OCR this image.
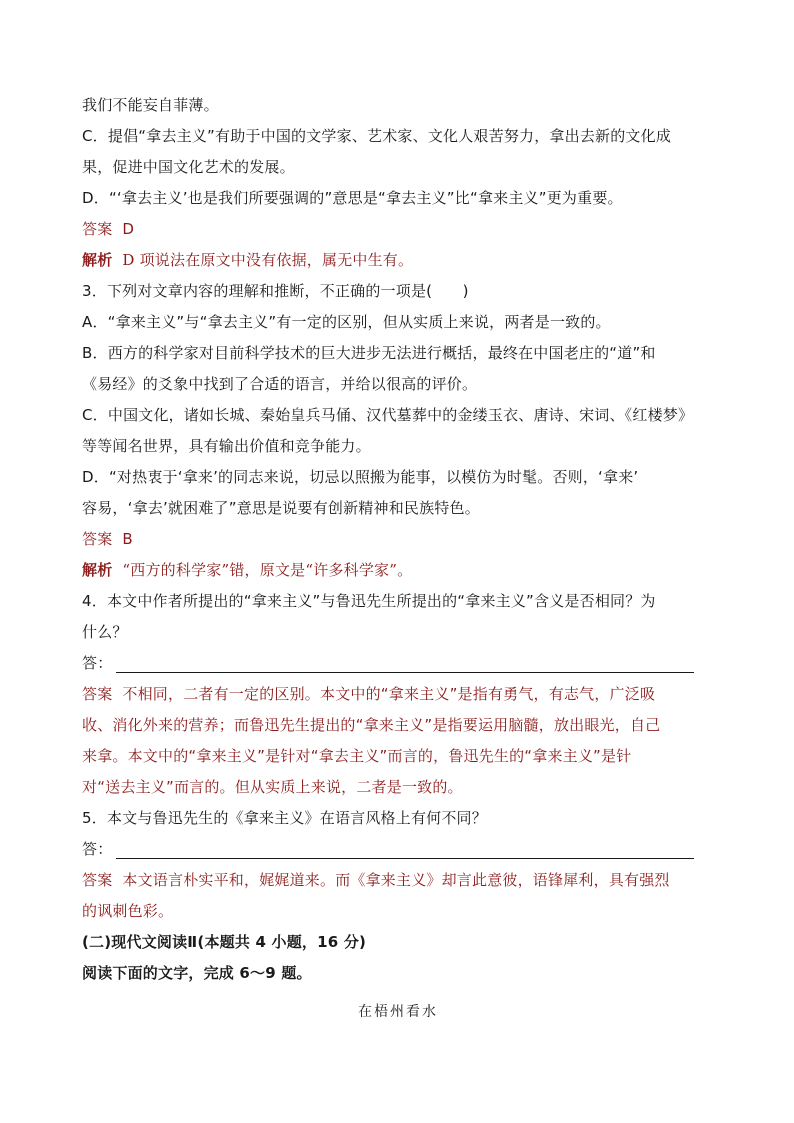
我们不能妄自菲薄。
C．提倡“拿去主义”有助于中国的文学家、艺术家、文化人艰苦努力，拿出去新的文化成
果，促进中国文化艺术的发展。
D．“‘拿去主义’也是我们所要强调的”意思是“拿去主义”比“拿来主义”更为重要。
答案 D
解析 D 项说法在原文中没有依据，属无中生有。
3．下列对文章内容的理解和推断，不正确的一项是(　　)
A．“拿来主义”与“拿去主义”有一定的区别，但从实质上来说，两者是一致的。
B．西方的科学家对目前科学技术的巨大进步无法进行概括，最终在中国老庄的“道”和
《易经》的爻象中找到了合适的语言，并给以很高的评价。
C．中国文化，诸如长城、秦始皇兵马俑、汉代墓葬中的金缕玉衣、唐诗、宋词、《红楼梦》
等等闻名世界，具有输出价值和竞争能力。
D．“对热衷于‘拿来’的同志来说，切忌以照搬为能事，以模仿为时髦。否则，‘拿来’
容易，‘拿去’就困难了”意思是说要有创新精神和民族特色。
答案 B
解析 “西方的科学家”错，原文是“许多科学家”。
4．本文中作者所提出的“拿来主义”与鲁迅先生所提出的“拿来主义”含义是否相同？为
什么？
答：
答案 不相同，二者有一定的区别。本文中的“拿来主义”是指有勇气，有志气，广泛吸
收、消化外来的营养；而鲁迅先生提出的“拿来主义”是指要运用脑髓，放出眼光，自己
来拿。本文中的“拿来主义”是针对“拿去主义”而言的，鲁迅先生的“拿来主义”是针
对“送去主义”而言的。但从实质上来说，二者是一致的。
5．本文与鲁迅先生的《拿来主义》在语言风格上有何不同？
答：
答案 本文语言朴实平和，娓娓道来。而《拿来主义》却言此意彼，语锋犀利，具有强烈
的讽刺色彩。
(二)现代文阅读Ⅱ(本题共 4 小题，16 分)
阅读下面的文字，完成 6～9 题。
在梧州看水
